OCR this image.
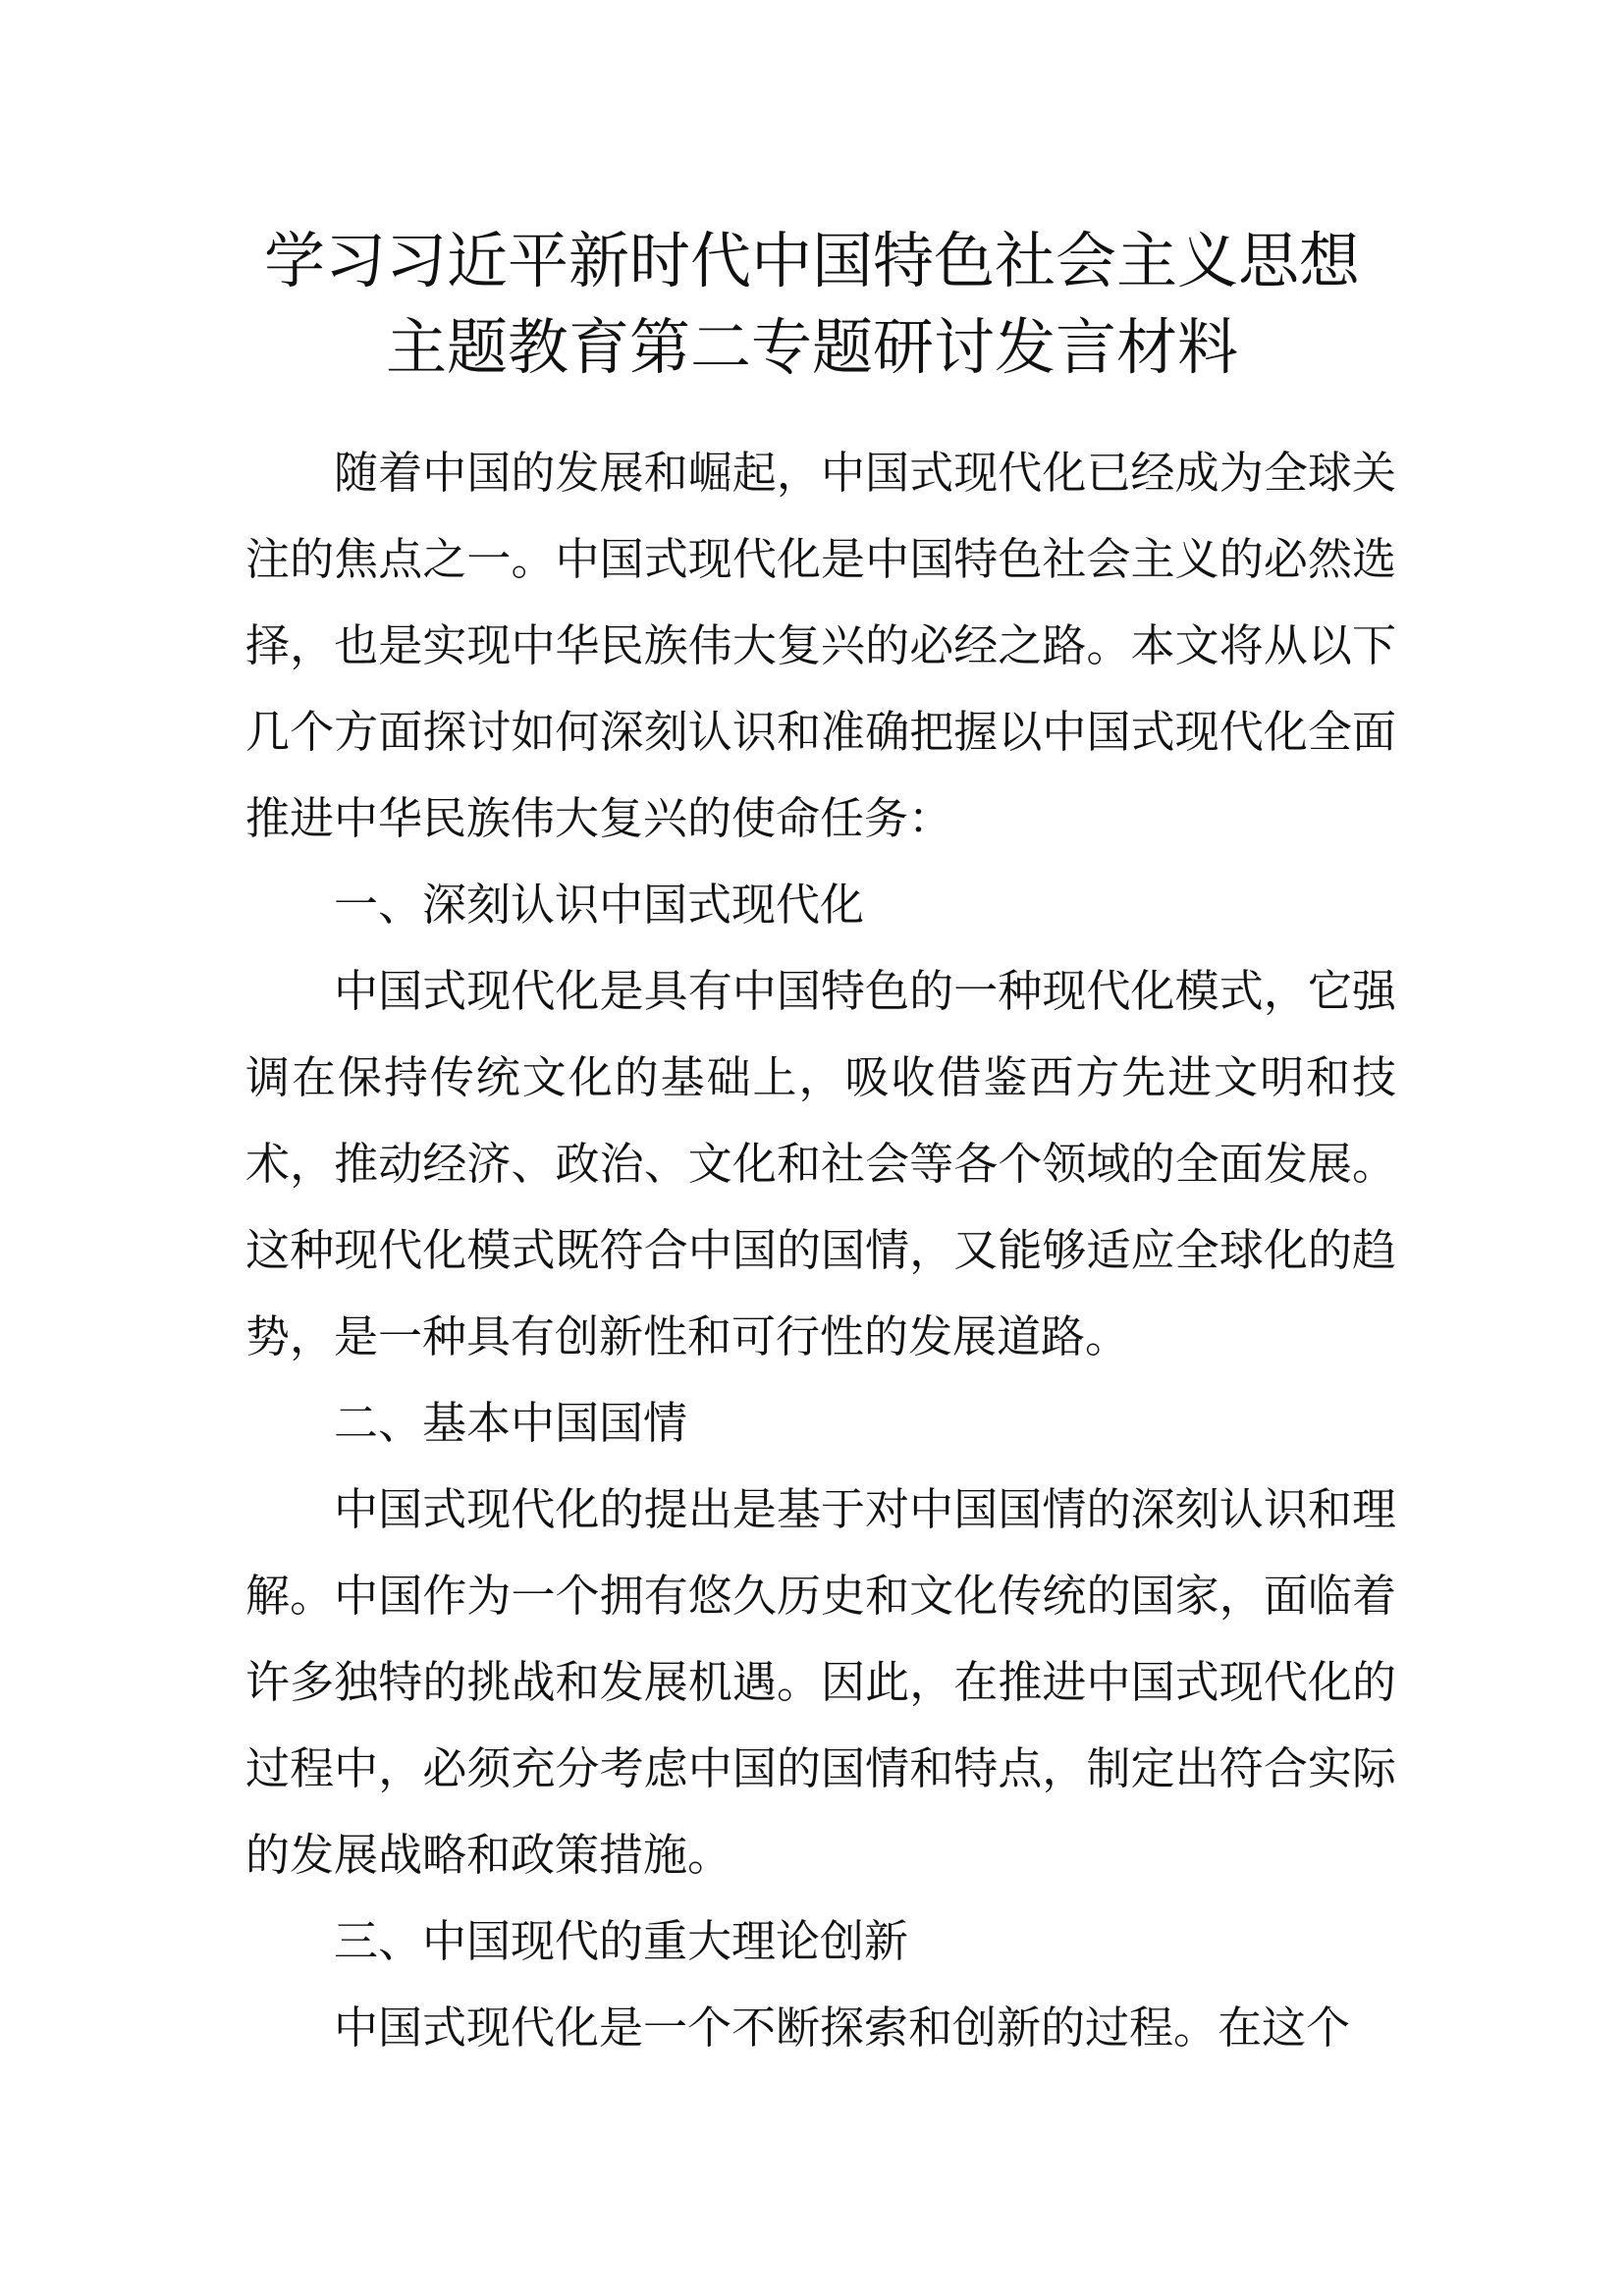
学习习近平新时代中国特色社会主义思想
主题教育第二专题研讨发言材料

随着中国的发展和崛起，中国式现代化已经成为全球关注的焦点之一。中国式现代化是中国特色社会主义的必然选择，也是实现中华民族伟大复兴的必经之路。本文将从以下几个方面探讨如何深刻认识和准确把握以中国式现代化全面推进中华民族伟大复兴的使命任务：

一、深刻认识中国式现代化

中国式现代化是具有中国特色的一种现代化模式，它强调在保持传统文化的基础上，吸收借鉴西方先进文明和技术，推动经济、政治、文化和社会等各个领域的全面发展。这种现代化模式既符合中国的国情，又能够适应全球化的趋势，是一种具有创新性和可行性的发展道路。

二、基本中国国情

中国式现代化的提出是基于对中国国情的深刻认识和理解。中国作为一个拥有悠久历史和文化传统的国家，面临着许多独特的挑战和发展机遇。因此，在推进中国式现代化的过程中，必须充分考虑中国的国情和特点，制定出符合实际的发展战略和政策措施。

三、中国现代的重大理论创新

中国式现代化是一个不断探索和创新的过程。在这个
